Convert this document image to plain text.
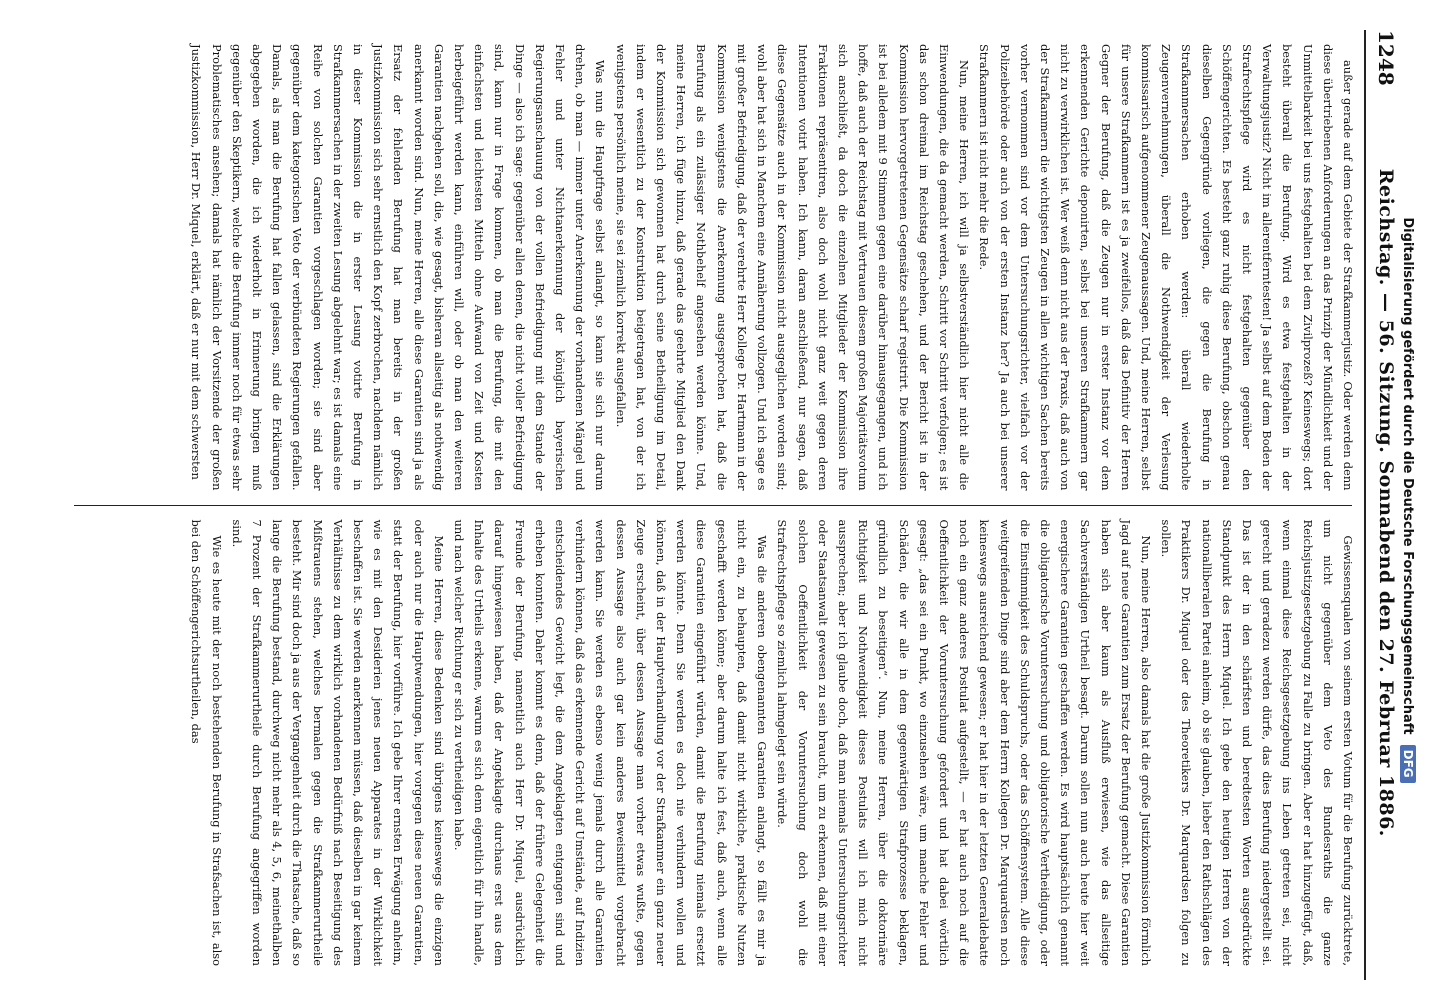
1248
Reichstag. — 56. Sitzung. Sonnabend den 27. Februar 1886.

außer gerade auf dem Gebiete der Strafkammerjustiz. Oder werden denn diese übertriebenen Anforderungen an das Prinzip der Mündlichkeit und der Unmittelbarkeit bei uns festgehalten bei dem Zivilprozeß? Keineswegs; dort besteht überall die Berufung. Wird es etwa festgehalten in der Verwaltungsjustiz? Nicht im allerentferntesten! Ja selbst auf dem Boden der Strafrechtspflege wird es nicht festgehalten gegenüber den Schöffengerichten. Es besteht ganz ruhig diese Berufung, obschon genau dieselben Gegengründe vorliegen, die gegen die Berufung in Strafkammersachen erhoben werden: überall wiederholte Zeugenvernehmungen, überall die Nothwendigkeit der Verlesung kommissarisch aufgenommener Zeugenaussagen. Und, meine Herren, selbst für unsere Strafkammern ist es ja zweifellos, daß das Definitiv der Herren Gegner der Berufung, daß die Zeugen nur in erster Instanz vor dem erkennenden Gerichte deponirten, selbst bei unseren Strafkammern gar nicht zu verwirklichen ist. Wer weiß denn nicht aus der Praxis, daß auch von der Strafkammern die wichtigsten Zeugen in allen wichtigen Sachen bereits vorher vernommen sind vor dem Untersuchungsrichter, vielfach vor der Polizeibehörde oder auch von der ersten Instanz her? Ja auch bei unserer Strafkammern ist nicht mehr die Rede.

Nun, meine Herren, ich will ja selbstverständlich hier nicht alle die Einwendungen, die da gemacht werden, Schritt vor Schritt verfolgen; es ist das schon dreimal im Reichstag geschehen, und der Bericht ist in der Kommission hervorgetretenen Gegensätze scharf registrirt. Die Kommission ist bei alledem mit 9 Stimmen gegen eine darüber hinausgegangen, und ich hoffe, daß auch der Reichstag mit Vertrauen diesem großen Majoritätsvotum sich anschließt, da doch die einzelnen Mitglieder der Kommission ihre Fraktionen repräsentiren, also doch wohl nicht ganz weit gegen deren Intentionen votirt haben. Ich kann, daran anschließend, nur sagen, daß diese Gegensätze auch in der Kommission nicht ausgeglichen worden sind; wohl aber hat sich in Manchem eine Annäherung vollzogen. Und ich sage es mit großer Befriedigung, daß der verehrte Herr Kollege Dr. Hartmann in der Kommission wenigstens die Anerkennung ausgesprochen hat, daß die Berufung als ein zulässiger Nothbehelf angesehen werden könne. Und, meine Herren, ich füge hinzu, daß gerade das geehrte Mitglied den Dank der Kommission sich gewonnen hat durch seine Betheiligung im Detail, indem er wesentlich zu der Konstruktion beigetragen hat, von der ich wenigstens persönlich meine, sie sei ziemlich korrekt ausgefallen.

Was nun die Hauptfrage selbst anlangt, so kann sie sich nur darum drehen, ob man — immer unter Anerkennung der vorhandenen Mängel und Fehler und unter Nichtanerkennung der königlich bayerischen Regierungsanschauung von der vollen Befriedigung mit dem Stande der Dinge — also ich sage: gegenüber allen denen, die nicht voller Befriedigung sind, kann nur in Frage kommen, ob man die Berufung, die mit den einfachsten und leichtesten Mitteln ohne Aufwand von Zeit und Kosten herbeigeführt werden kann, einführen will, oder ob man den weiteren Garantien nachgehen soll, die, wie gesagt, bisheran allseitig als nothwendig anerkannt worden sind. Nun, meine Herren, alle diese Garantien sind ja als Ersatz der fehlenden Berufung hat man bereits in der großen Justizkommission sich sehr ernstlich den Kopf zerbrochen, nachdem nämlich in dieser Kommission die in erster Lesung votirte Berufung in Strafkammersachen in der zweiten Lesung abgelehnt war; es ist damals eine Reihe von solchen Garantien vorgeschlagen worden; sie sind aber gegenüber dem kategorischen Veto der verbündeten Regierungen gefallen. Damals, als man die Berufung hat fallen gelassen, sind die Erklärungen abgegeben worden, die ich wiederholt in Erinnerung bringen muß gegenüber den Skeptikern, welche die Berufung immer noch für etwas sehr Problematisches ansehen; damals hat nämlich der Vorsitzende der großen Justizkommission, Herr Dr. Miquel, erklärt, daß er nur mit dem schwersten

Gewissensqualen von seinem ersten Votum für die Berufung zurücktrete, um nicht gegenüber dem Veto des Bundesraths die ganze Reichsjustizgesetzgebung zu Falle zu bringen. Aber er hat hinzugefügt, daß, wenn einmal diese Reichsgesetzgebung ins Leben getreten sei, nicht gerecht und geradezu werden dürfe, das dies Berufung niedergestellt sei. Das ist der in den schärfsten und beredtesten Worten ausgedrückte Standpunkt des Herrn Miquel. Ich gebe den heutigen Herren von der nationalliberalen Partei anheim, ob sie glauben, lieber den Rathschlägen des Praktikers Dr. Miquel oder des Theoretikers Dr. Marquardsen folgen zu sollen.

Nun, meine Herren, also damals hat die große Justizkommission förmlich Jagd auf neue Garantien zum Ersatz der Berufung gemacht. Diese Garantien haben sich aber kaum als Ausfluß erwiesen, wie das allseitige Sachverständigen Urtheil besagt. Darum sollen nun auch heute hier weit energischere Garantien geschaffen werden. Es wird hauptsächlich genannt die obligatorische Voruntersuchung und obligatorische Vertheidigung, oder die Einstimmigkeit des Schuldspruchs, oder das Schöffensystem. Alle diese weitgreifenden Dinge sind aber dem Herrn Kollegen Dr. Marquardsen noch keineswegs ausreichend gewesen; er hat hier in der letzten Generaldebatte noch ein ganz anderes Postulat aufgestellt, — er hat auch noch auf die Oeffentlichkeit der Voruntersuchung gefordert und hat dabei wörtlich gesagt: „das sei ein Punkt, wo einzusehen wäre, um manche Fehler und Schäden, die wir alle in dem gegenwärtigen Strafprozesse beklagen, gründlich zu beseitigen“. Nun, meine Herren, über die doktorinäre Richtigkeit und Nothwendigkeit dieses Postulats will ich mich nicht aussprechen; aber ich glaube doch, daß man niemals Untersuchungsrichter oder Staatsanwalt gewesen zu sein braucht, um zu erkennen, daß mit einer solchen Oeffentlichkeit der Voruntersuchung doch wohl die Strafrechtspflege so ziemlich lahmgelegt sein würde.

Was die anderen obengenannten Garantien anlangt, so fällt es mir ja nicht ein, zu behaupten, daß damit nicht wirkliche, praktische Nutzen geschafft werden könne; aber darum halte ich fest, daß auch, wenn alle diese Garantien eingeführt würden, damit die Berufung niemals ersetzt werden könnte. Denn Sie werden es doch nie verhindern wollen und können, daß in der Hauptverhandlung vor der Strafkammer ein ganz neuer Zeuge erscheint, über dessen Aussage man vorher etwas wußte, gegen dessen Aussage also auch gar kein anderes Beweismittel vorgebracht werden kann. Sie werden es ebenso wenig jemals durch alle Garantien verhindern können, daß das erkennende Gericht auf Umstände, auf Indizien entscheidendes Gewicht legt, die dem Angeklagten entgangen sind und erheben konnten. Daher kommt es denn, daß der frühere Gelegenheit die Freunde der Berufung, namentlich auch Herr Dr. Miquel, ausdrücklich darauf hingewiesen haben, daß der Angeklagte durchaus erst aus dem Inhalte des Urtheils erkenne, warum es sich denn eigentlich für ihn handle, und nach welcher Richtung er sich zu vertheidigen habe.

Meine Herren, diese Bedenken sind übrigens keineswegs die einzigen oder auch nur die Hauptwendungen, hier vorgegen diese neuen Garantien, statt der Berufung, hier vorführe. Ich gebe Ihrer ernsten Erwägung anheim, wie es mit den Desiderien jenes neuen Apparates in der Wirklichkeit beschaffen ist. Sie werden anerkennen müssen, daß dieselben in gar keinem Verhältnisse zu dem wirklich vorhandenen Bedürfniß nach Beseitigung des Mißtrauens stehen, welches bermalen gegen die Strafkammerurtheile besteht. Mir sind doch ja aus der Vergangenheit durch die Thatsache, daß so lange die Berufung bestand, durchweg nicht mehr als 4, 5, 6, meinethalben 7 Prozent der Strafkammerurtheile durch Berufung angegriffen worden sind.

Wie es heute mit der noch bestehenden Berufung in Strafsachen ist, also bei den Schöffengerichtsurtheilen, das	Digitalisierung gefördert durch die Deutsche Forschungsgemeinschaft
DFG
